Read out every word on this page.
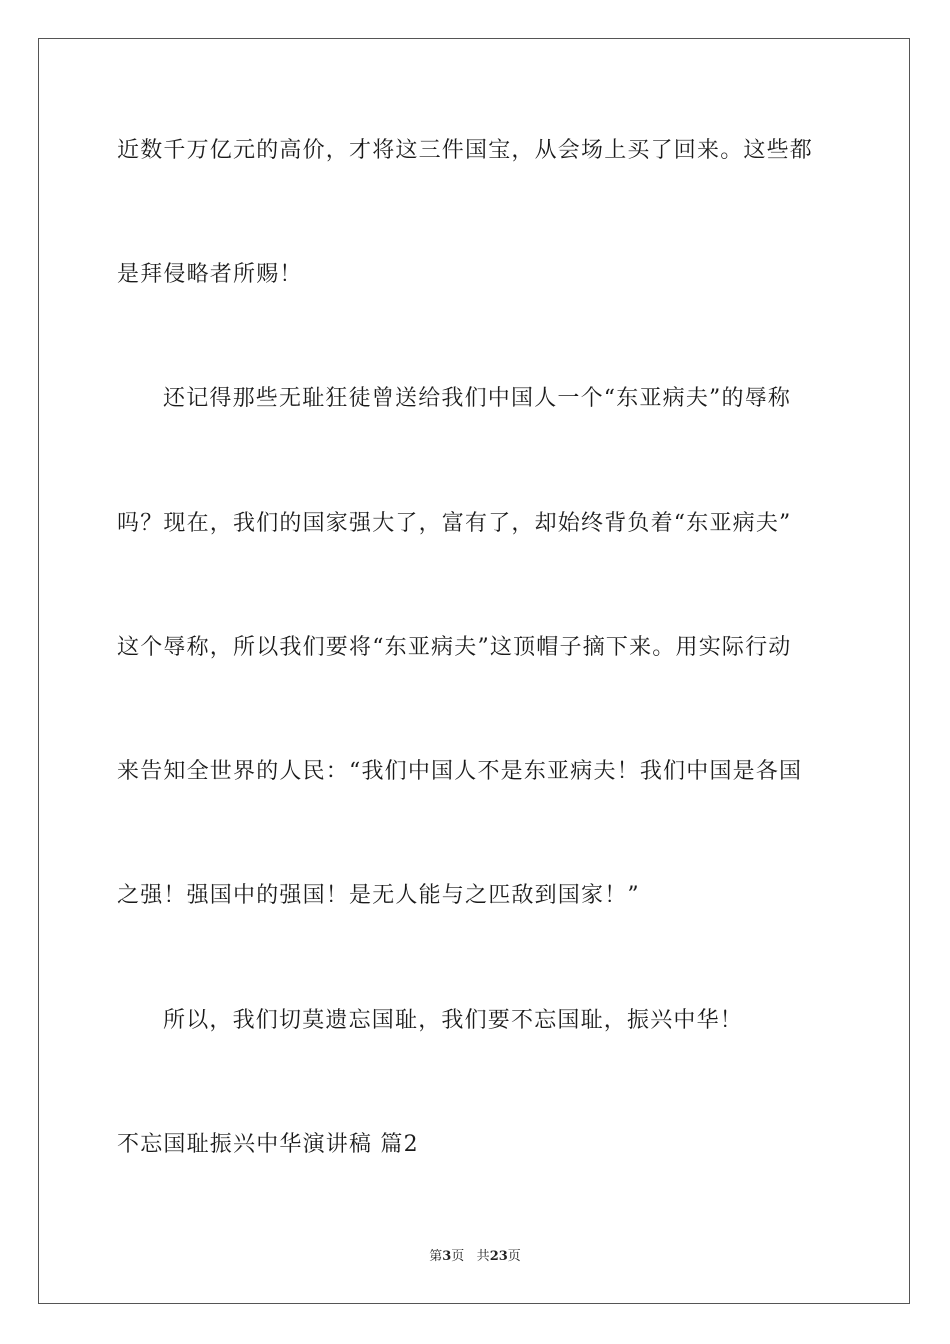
近数千万亿元的高价，才将这三件国宝，从会场上买了回来。这些都
是拜侵略者所赐！
还记得那些无耻狂徒曾送给我们中国人一个“东亚病夫”的辱称
吗？现在，我们的国家强大了，富有了，却始终背负着“东亚病夫”
这个辱称，所以我们要将“东亚病夫”这顶帽子摘下来。用实际行动
来告知全世界的人民：“我们中国人不是东亚病夫！我们中国是各国
之强！强国中的强国！是无人能与之匹敌到国家！”
所以，我们切莫遗忘国耻，我们要不忘国耻，振兴中华！
不忘国耻振兴中华演讲稿 篇2
第3页 共23页
